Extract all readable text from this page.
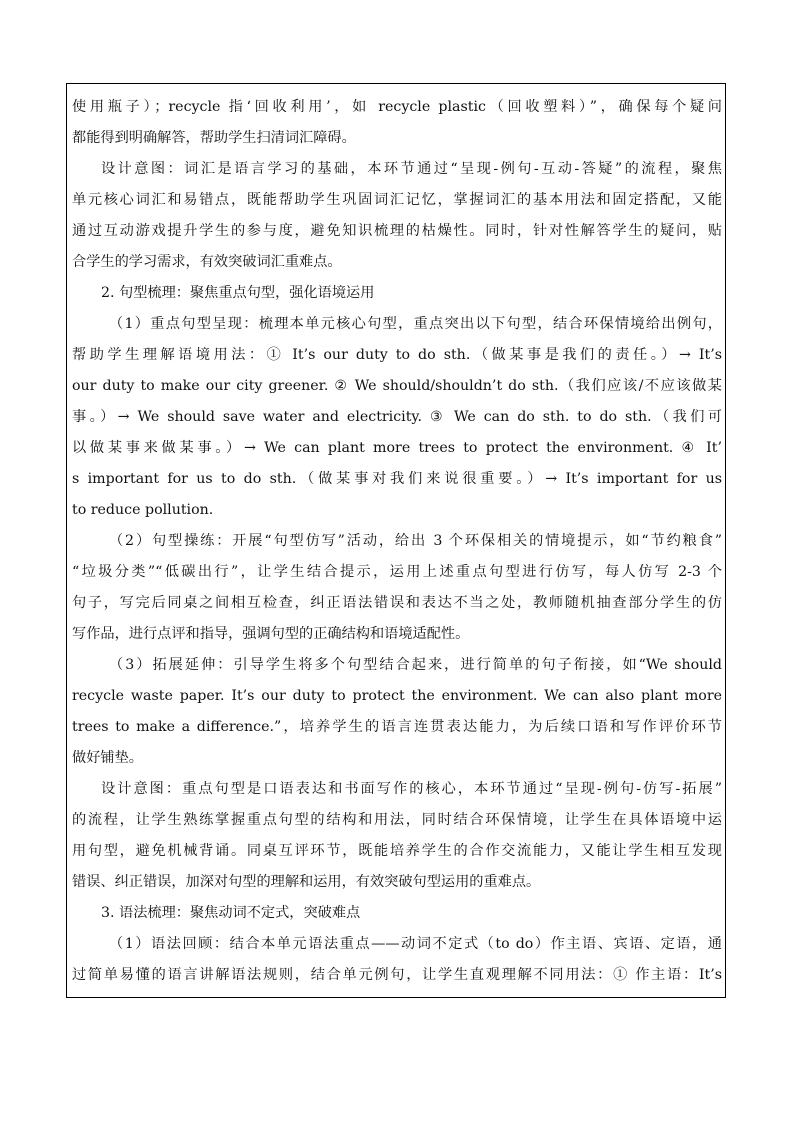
使用瓶子）；recycle 指‘回收利用’，如 recycle plastic（回收塑料）”，确保每个疑问
都能得到明确解答，帮助学生扫清词汇障碍。
设计意图：词汇是语言学习的基础，本环节通过“呈现-例句-互动-答疑”的流程，聚焦
单元核心词汇和易错点，既能帮助学生巩固词汇记忆，掌握词汇的基本用法和固定搭配，又能
通过互动游戏提升学生的参与度，避免知识梳理的枯燥性。同时，针对性解答学生的疑问，贴
合学生的学习需求，有效突破词汇重难点。
2. 句型梳理：聚焦重点句型，强化语境运用
（1）重点句型呈现：梳理本单元核心句型，重点突出以下句型，结合环保情境给出例句，
帮助学生理解语境用法：① It’s our duty to do sth.（做某事是我们的责任。）→ It’s
our duty to make our city greener. ② We should/shouldn’t do sth.（我们应该/不应该做某
事。）→ We should save water and electricity. ③ We can do sth. to do sth.（我们可
以做某事来做某事。）→ We can plant more trees to protect the environment. ④ It’
s important for us to do sth.（做某事对我们来说很重要。）→ It’s important for us
to reduce pollution.
（2）句型操练：开展“句型仿写”活动，给出 3 个环保相关的情境提示，如“节约粮食”
“垃圾分类”“低碳出行”，让学生结合提示，运用上述重点句型进行仿写，每人仿写 2-3 个
句子，写完后同桌之间相互检查，纠正语法错误和表达不当之处，教师随机抽查部分学生的仿
写作品，进行点评和指导，强调句型的正确结构和语境适配性。
（3）拓展延伸：引导学生将多个句型结合起来，进行简单的句子衔接，如“We should
recycle waste paper. It’s our duty to protect the environment. We can also plant more
trees to make a difference.”，培养学生的语言连贯表达能力，为后续口语和写作评价环节
做好铺垫。
设计意图：重点句型是口语表达和书面写作的核心，本环节通过“呈现-例句-仿写-拓展”
的流程，让学生熟练掌握重点句型的结构和用法，同时结合环保情境，让学生在具体语境中运
用句型，避免机械背诵。同桌互评环节，既能培养学生的合作交流能力，又能让学生相互发现
错误、纠正错误，加深对句型的理解和运用，有效突破句型运用的重难点。
3. 语法梳理：聚焦动词不定式，突破难点
（1）语法回顾：结合本单元语法重点——动词不定式（to do）作主语、宾语、定语，通
过简单易懂的语言讲解语法规则，结合单元例句，让学生直观理解不同用法：① 作主语：It’s
